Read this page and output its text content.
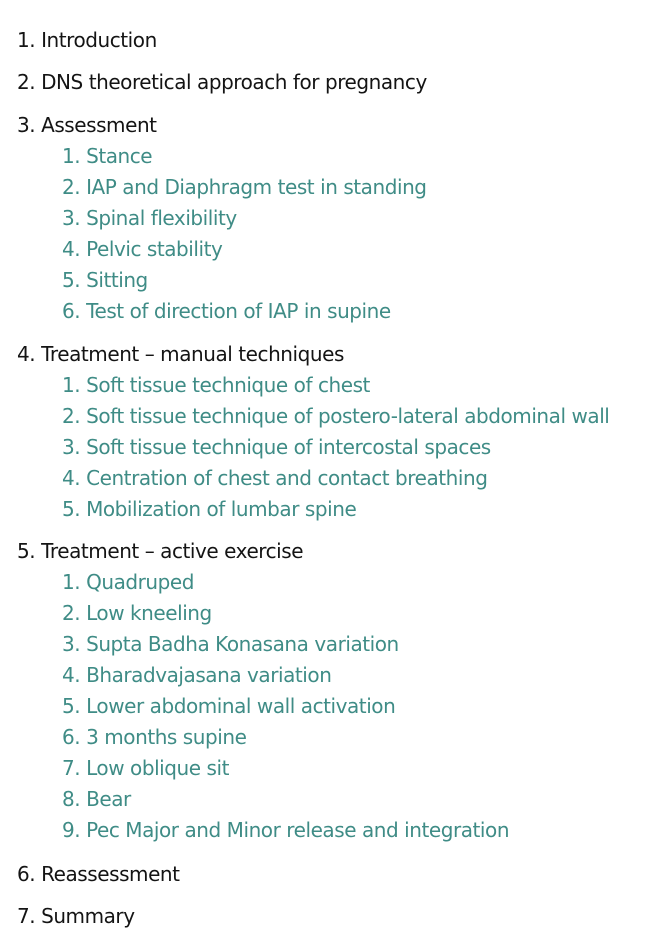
1. Introduction
2. DNS theoretical approach for pregnancy
3. Assessment
1. Stance
2. IAP and Diaphragm test in standing
3. Spinal flexibility
4. Pelvic stability
5. Sitting
6. Test of direction of IAP in supine
4. Treatment – manual techniques
1. Soft tissue technique of chest
2. Soft tissue technique of postero-lateral abdominal wall
3. Soft tissue technique of intercostal spaces
4. Centration of chest and contact breathing
5. Mobilization of lumbar spine
5. Treatment – active exercise
1. Quadruped
2. Low kneeling
3. Supta Badha Konasana variation
4. Bharadvajasana variation
5. Lower abdominal wall activation
6. 3 months supine
7. Low oblique sit
8. Bear
9. Pec Major and Minor release and integration
6. Reassessment
7. Summary
